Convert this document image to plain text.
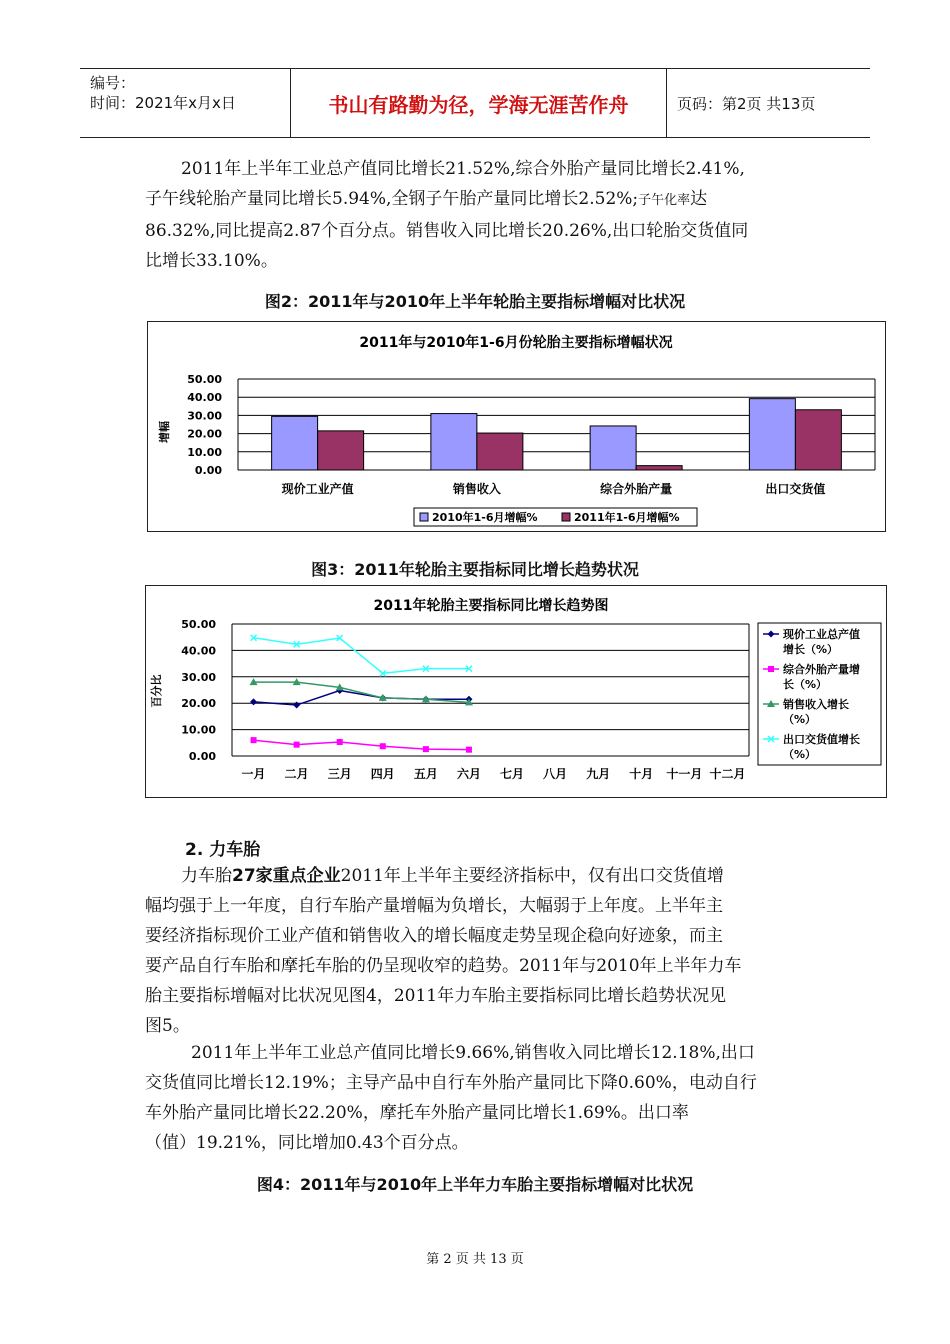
编号：
时间：2021年x月x日	书山有路勤为径，学海无涯苦作舟	页码：第2页 共13页
2011年上半年工业总产值同比增长21.52%,综合外胎产量同比增长2.41%,
子午线轮胎产量同比增长5.94%,全钢子午胎产量同比增长2.52%;子午化率达
86.32%,同比提高2.87个百分点。销售收入同比增长20.26%,出口轮胎交货值同
比增长33.10%。
图2：2011年与2010年上半年轮胎主要指标增幅对比状况
2011年与2010年1-6月份轮胎主要指标增幅状况
50.00
40.00
30.00
20.00
10.00
0.00
增幅
现价工业产值	销售收入	综合外胎产量	出口交货值
2010年1-6月增幅%	2011年1-6月增幅%
图3：2011年轮胎主要指标同比增长趋势状况
2011年轮胎主要指标同比增长趋势图
50.00
40.00
30.00
20.00
10.00
0.00
百分比
一月 二月 三月 四月 五月 六月 七月 八月 九月 十月 十一月 十二月
现价工业总产值
增长（%）
综合外胎产量增
长（%）
销售收入增长
（%）
出口交货值增长
（%）
2. 力车胎
力车胎27家重点企业2011年上半年主要经济指标中，仅有出口交货值增
幅均强于上一年度，自行车胎产量增幅为负增长，大幅弱于上年度。上半年主
要经济指标现价工业产值和销售收入的增长幅度走势呈现企稳向好迹象，而主
要产品自行车胎和摩托车胎的仍呈现收窄的趋势。2011年与2010年上半年力车
胎主要指标增幅对比状况见图4，2011年力车胎主要指标同比增长趋势状况见
图5。
2011年上半年工业总产值同比增长9.66%,销售收入同比增长12.18%,出口
交货值同比增长12.19%；主导产品中自行车外胎产量同比下降0.60%，电动自行
车外胎产量同比增长22.20%，摩托车外胎产量同比增长1.69%。出口率
（值）19.21%，同比增加0.43个百分点。
图4：2011年与2010年上半年力车胎主要指标增幅对比状况
第 2 页 共 13 页
